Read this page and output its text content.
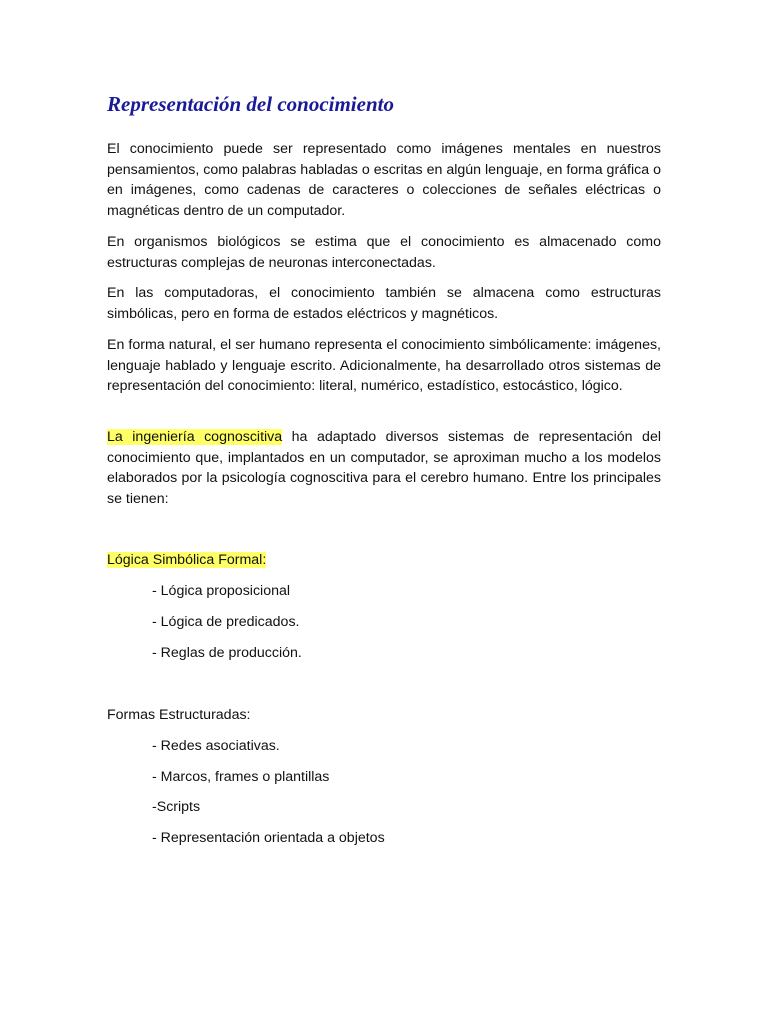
Representación del conocimiento

El conocimiento puede ser representado como imágenes mentales en nuestros pensamientos, como palabras habladas o escritas en algún lenguaje, en forma gráfica o en imágenes, como cadenas de caracteres o colecciones de señales eléctricas o magnéticas dentro de un computador.

En organismos biológicos se estima que el conocimiento es almacenado como estructuras complejas de neuronas interconectadas.

En las computadoras, el conocimiento también se almacena como estructuras simbólicas, pero en forma de estados eléctricos y magnéticos.

En forma natural, el ser humano representa el conocimiento simbólicamente: imágenes, lenguaje hablado y lenguaje escrito. Adicionalmente, ha desarrollado otros sistemas de representación del conocimiento: literal, numérico, estadístico, estocástico, lógico.

La ingeniería cognoscitiva ha adaptado diversos sistemas de representación del conocimiento que, implantados en un computador, se aproximan mucho a los modelos elaborados por la psicología cognoscitiva para el cerebro humano. Entre los principales se tienen:

Lógica Simbólica Formal:

- Lógica proposicional

- Lógica de predicados.

- Reglas de producción.

Formas Estructuradas:

- Redes asociativas.

- Marcos, frames o plantillas

-Scripts

- Representación orientada a objetos
